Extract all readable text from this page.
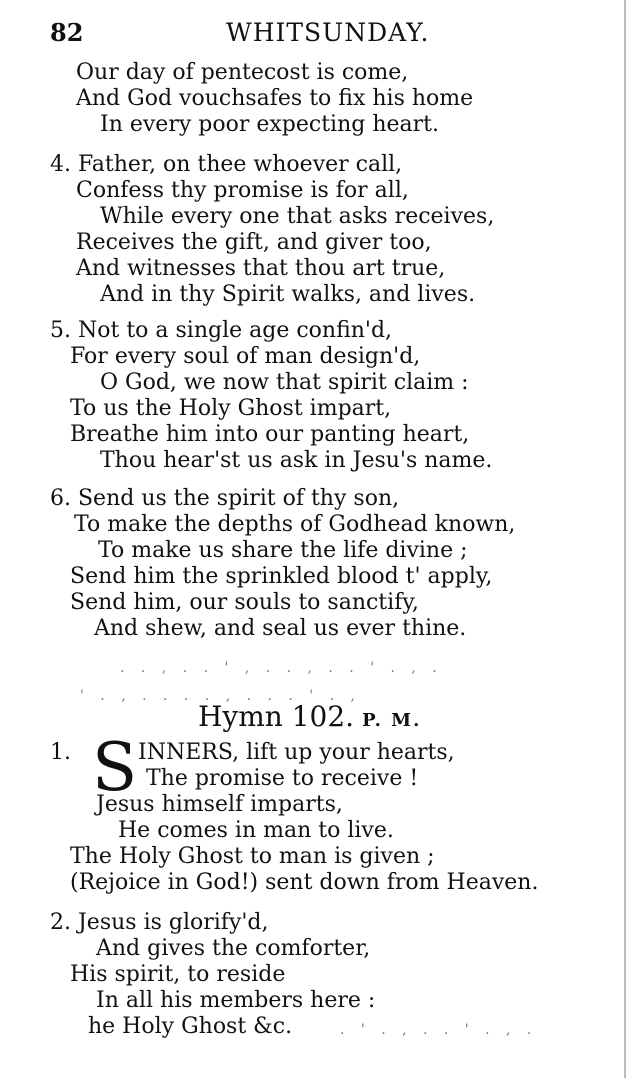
82	WHITSUNDAY.
Our day of pentecost is come,
And God vouchsafes to fix his home
In every poor expecting heart.
4. Father, on thee whoever call,
Confess thy promise is for all,
While every one that asks receives,
Receives the gift, and giver too,
And witnesses that thou art true,
And in thy Spirit walks, and lives.
5. Not to a single age confin'd,
For every soul of man design'd,
O God, we now that spirit claim :
To us the Holy Ghost impart,
Breathe him into our panting heart,
Thou hear'st us ask in Jesu's name.
6. Send us the spirit of thy son,
To make the depths of Godhead known,
To make us share the life divine ;
Send him the sprinkled blood t' apply,
Send him, our souls to sanctify,
And shew, and seal us ever thine.
. . , . . ' , . . , . . ' . , .
' . , . . . . , . . . ' . ,
Hymn 102. P. M.
1. S INNERS, lift up your hearts,
The promise to receive !
Jesus himself imparts,
He comes in man to live.
The Holy Ghost to man is given ;
(Rejoice in God!) sent down from Heaven.
2. Jesus is glorify'd,
And gives the comforter,
His spirit, to reside
In all his members here :
he Holy Ghost &c.	. ' . , . . ' . , .
